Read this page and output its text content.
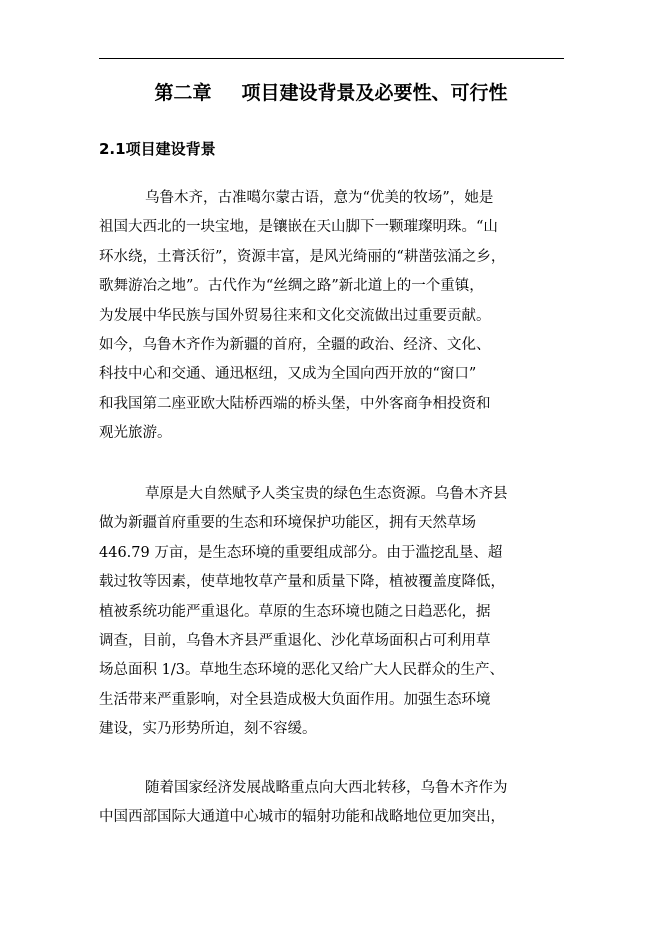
第二章 项目建设背景及必要性、可行性
2.1项目建设背景
乌鲁木齐，古准噶尔蒙古语，意为“优美的牧场”，她是
祖国大西北的一块宝地，是镶嵌在天山脚下一颗璀璨明珠。“山
环水绕，土膏沃衍”，资源丰富，是风光绮丽的“耕凿弦涌之乡，
歌舞游冶之地”。古代作为“丝绸之路”新北道上的一个重镇，
为发展中华民族与国外贸易往来和文化交流做出过重要贡献。
如今，乌鲁木齐作为新疆的首府，全疆的政治、经济、文化、
科技中心和交通、通迅枢纽，又成为全国向西开放的“窗口”
和我国第二座亚欧大陆桥西端的桥头堡，中外客商争相投资和
观光旅游。
草原是大自然赋予人类宝贵的绿色生态资源。乌鲁木齐县
做为新疆首府重要的生态和环境保护功能区，拥有天然草场
446.79 万亩，是生态环境的重要组成部分。由于滥挖乱垦、超
载过牧等因素，使草地牧草产量和质量下降，植被覆盖度降低，
植被系统功能严重退化。草原的生态环境也随之日趋恶化，据
调查，目前，乌鲁木齐县严重退化、沙化草场面积占可利用草
场总面积 1/3。草地生态环境的恶化又给广大人民群众的生产、
生活带来严重影响，对全县造成极大负面作用。加强生态环境
建设，实乃形势所迫，刻不容缓。
随着国家经济发展战略重点向大西北转移，乌鲁木齐作为
中国西部国际大通道中心城市的辐射功能和战略地位更加突出，
